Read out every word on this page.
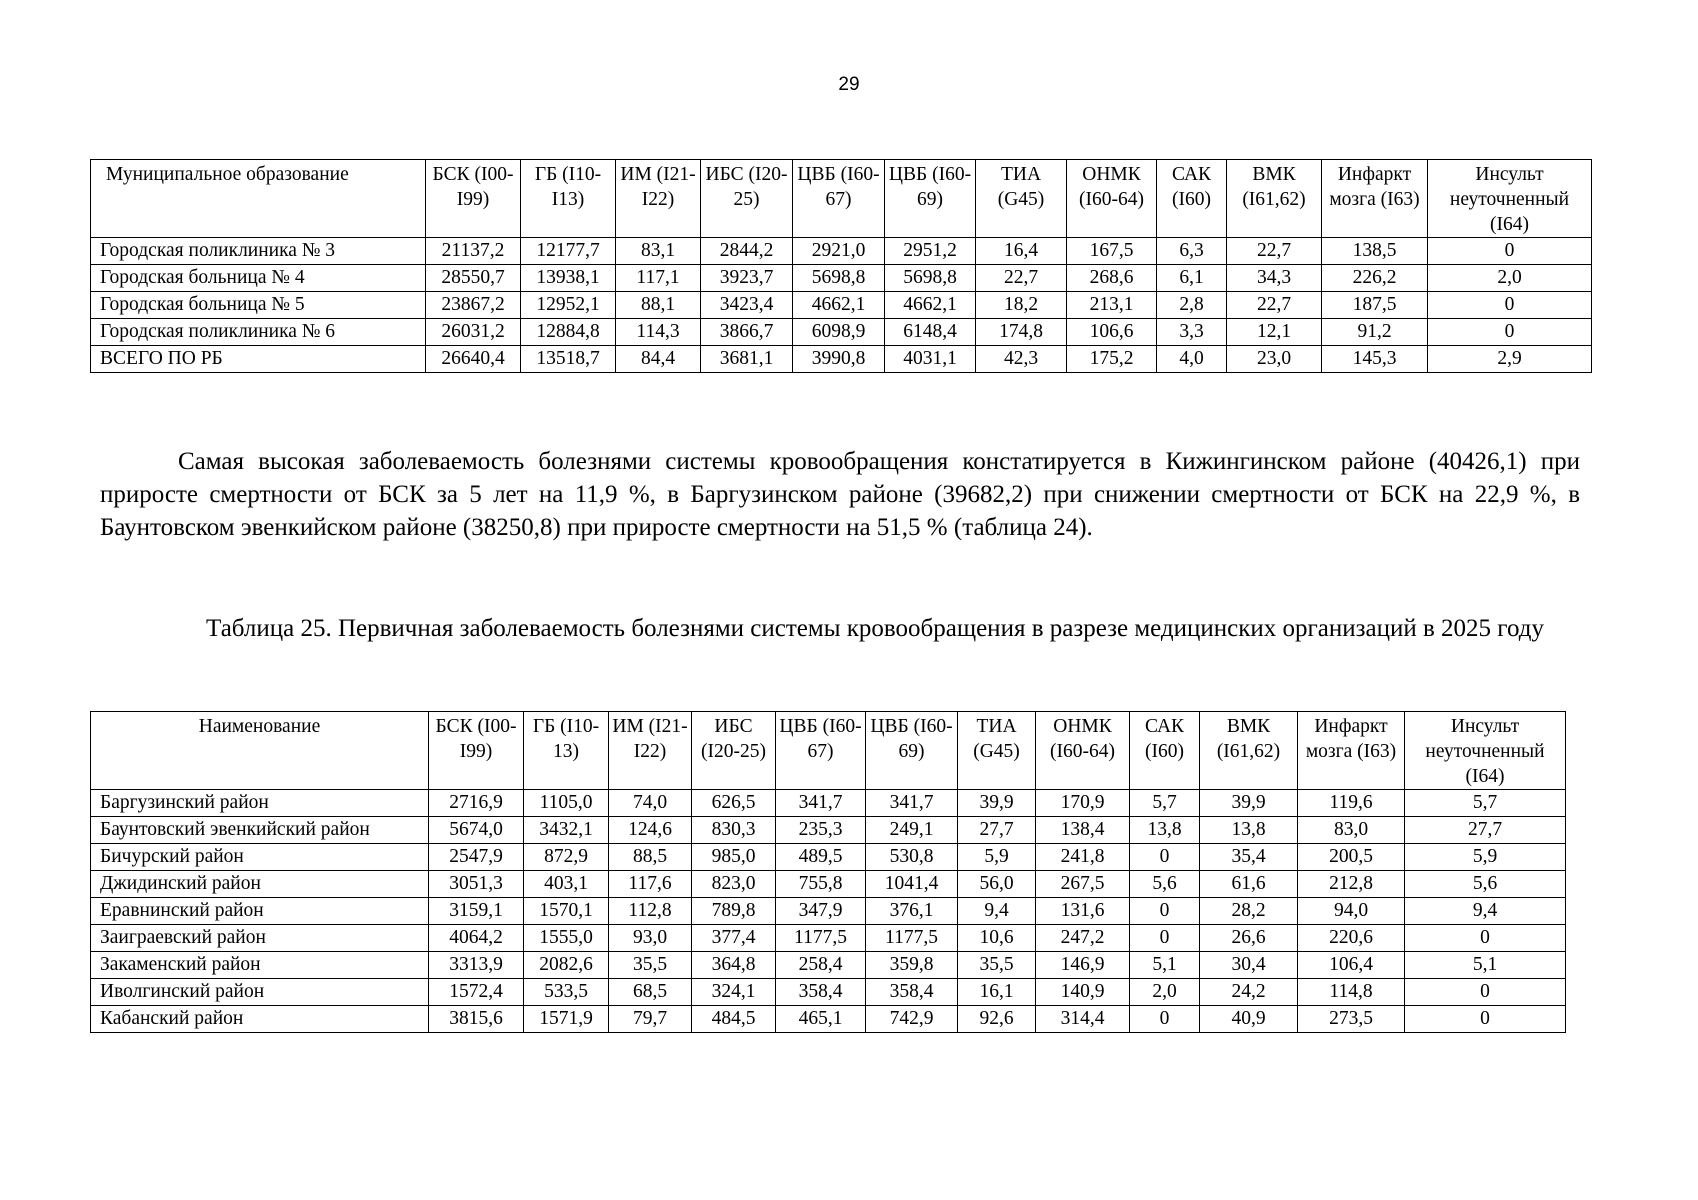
29
Муниципальное образование	БСК (I00-I99)	ГБ (I10-I13)	ИМ (I21-I22)	ИБС (I20-25)	ЦВБ (I60-67)	ЦВБ (I60-69)	ТИА (G45)	ОНМК (I60-64)	САК (I60)	ВМК (I61,62)	Инфаркт мозга (I63)	Инсульт неуточненный (I64)
Городская поликлиника № 3	21137,2	12177,7	83,1	2844,2	2921,0	2951,2	16,4	167,5	6,3	22,7	138,5	0
Городская больница № 4	28550,7	13938,1	117,1	3923,7	5698,8	5698,8	22,7	268,6	6,1	34,3	226,2	2,0
Городская больница № 5	23867,2	12952,1	88,1	3423,4	4662,1	4662,1	18,2	213,1	2,8	22,7	187,5	0
Городская поликлиника № 6	26031,2	12884,8	114,3	3866,7	6098,9	6148,4	174,8	106,6	3,3	12,1	91,2	0
ВСЕГО ПО РБ	26640,4	13518,7	84,4	3681,1	3990,8	4031,1	42,3	175,2	4,0	23,0	145,3	2,9
Самая высокая заболеваемость болезнями системы кровообращения констатируется в Кижингинском районе (40426,1) при приросте смертности от БСК за 5 лет на 11,9 %, в Баргузинском районе (39682,2) при снижении смертности от БСК на 22,9 %, в Баунтовском эвенкийском районе (38250,8) при приросте смертности на 51,5 % (таблица 24).
Таблица 25. Первичная заболеваемость болезнями системы кровообращения в разрезе медицинских организаций в 2025 году
Наименование	БСК (I00-I99)	ГБ (I10-13)	ИМ (I21-I22)	ИБС (I20-25)	ЦВБ (I60-67)	ЦВБ (I60-69)	ТИА (G45)	ОНМК (I60-64)	САК (I60)	ВМК (I61,62)	Инфаркт мозга (I63)	Инсульт неуточненный (I64)
Баргузинский район	2716,9	1105,0	74,0	626,5	341,7	341,7	39,9	170,9	5,7	39,9	119,6	5,7
Баунтовский эвенкийский район	5674,0	3432,1	124,6	830,3	235,3	249,1	27,7	138,4	13,8	13,8	83,0	27,7
Бичурский район	2547,9	872,9	88,5	985,0	489,5	530,8	5,9	241,8	0	35,4	200,5	5,9
Джидинский район	3051,3	403,1	117,6	823,0	755,8	1041,4	56,0	267,5	5,6	61,6	212,8	5,6
Еравнинский район	3159,1	1570,1	112,8	789,8	347,9	376,1	9,4	131,6	0	28,2	94,0	9,4
Заиграевский район	4064,2	1555,0	93,0	377,4	1177,5	1177,5	10,6	247,2	0	26,6	220,6	0
Закаменский район	3313,9	2082,6	35,5	364,8	258,4	359,8	35,5	146,9	5,1	30,4	106,4	5,1
Иволгинский район	1572,4	533,5	68,5	324,1	358,4	358,4	16,1	140,9	2,0	24,2	114,8	0
Кабанский район	3815,6	1571,9	79,7	484,5	465,1	742,9	92,6	314,4	0	40,9	273,5	0
